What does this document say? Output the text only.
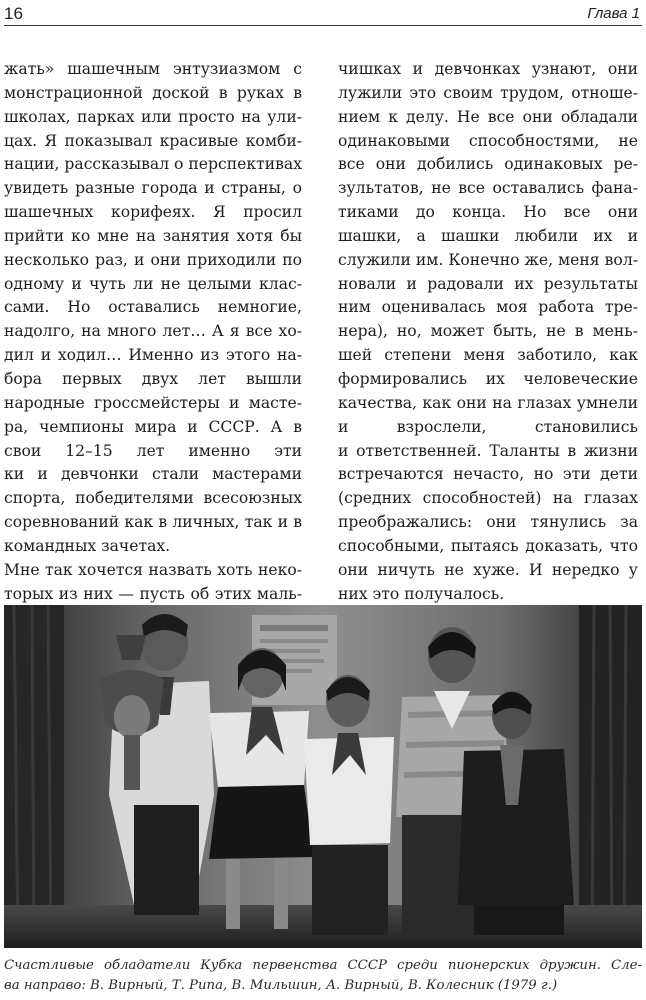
16	Глава 1
жать» шашечным энтузиазмом с
монстрационной доской в руках в
школах, парках или просто на ули-
цах. Я показывал красивые комби-
нации, рассказывал о перспективах
увидеть разные города и страны, о
шашечных корифеях. Я просил
прийти ко мне на занятия хотя бы
несколько раз, и они приходили по
одному и чуть ли не целыми клас-
сами. Но оставались немногие,
надолго, на много лет… А я все хо-
дил и ходил… Именно из этого на-
бора первых двух лет вышли
народные гроссмейстеры и масте-
ра, чемпионы мира и СССР. А в
свои 12–15 лет именно эти
ки и девчонки стали мастерами
спорта, победителями всесоюзных
соревнований как в личных, так и в
командных зачетах.
Мне так хочется назвать хоть неко-
торых из них — пусть об этих маль-
чишках и девчонках узнают, они
лужили это своим трудом, отноше-
нием к делу. Не все они обладали
одинаковыми способностями, не
все они добились одинаковых ре-
зультатов, не все оставались фана-
тиками до конца. Но все они
шашки, а шашки любили их и
служили им. Конечно же, меня вол-
новали и радовали их результаты
ним оценивалась моя работа тре-
нера), но, может быть, не в мень-
шей степени меня заботило, как
формировались их человеческие
качества, как они на глазах умнели
и взрослели, становились
и ответственней. Таланты в жизни
встречаются нечасто, но эти дети
(средних способностей) на глазах
преображались: они тянулись за
способными, пытаясь доказать, что
они ничуть не хуже. И нередко у
них это получалось.
Счастливые обладатели Кубка первенства СССР среди пионерских дружин. Сле-
ва направо: В. Вирный, Т. Рипа, В. Мильшин, А. Вирный, В. Колесник (1979 г.)
